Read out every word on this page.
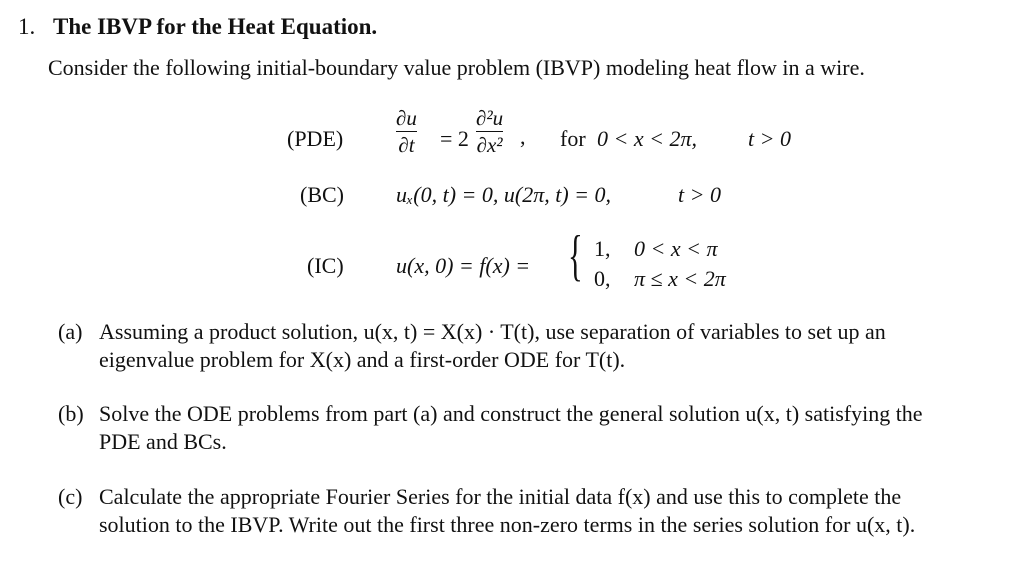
1. The IBVP for the Heat Equation.
Consider the following initial-boundary value problem (IBVP) modeling heat flow in a wire.
(PDE)
∂u
∂t = 2
∂²u
∂x² , for 0 < x < 2π, t > 0
(BC) uₓ(0, t) = 0, u(2π, t) = 0,	t > 0
(IC) u(x, 0) = f(x) = { 1, 0 < x < π
0, π ≤ x < 2π
(a) Assuming a product solution, u(x, t) = X(x) · T(t), use separation of variables to set up an
eigenvalue problem for X(x) and a first-order ODE for T(t).
(b) Solve the ODE problems from part (a) and construct the general solution u(x, t) satisfying the
PDE and BCs.
(c) Calculate the appropriate Fourier Series for the initial data f(x) and use this to complete the
solution to the IBVP. Write out the first three non-zero terms in the series solution for u(x, t).
